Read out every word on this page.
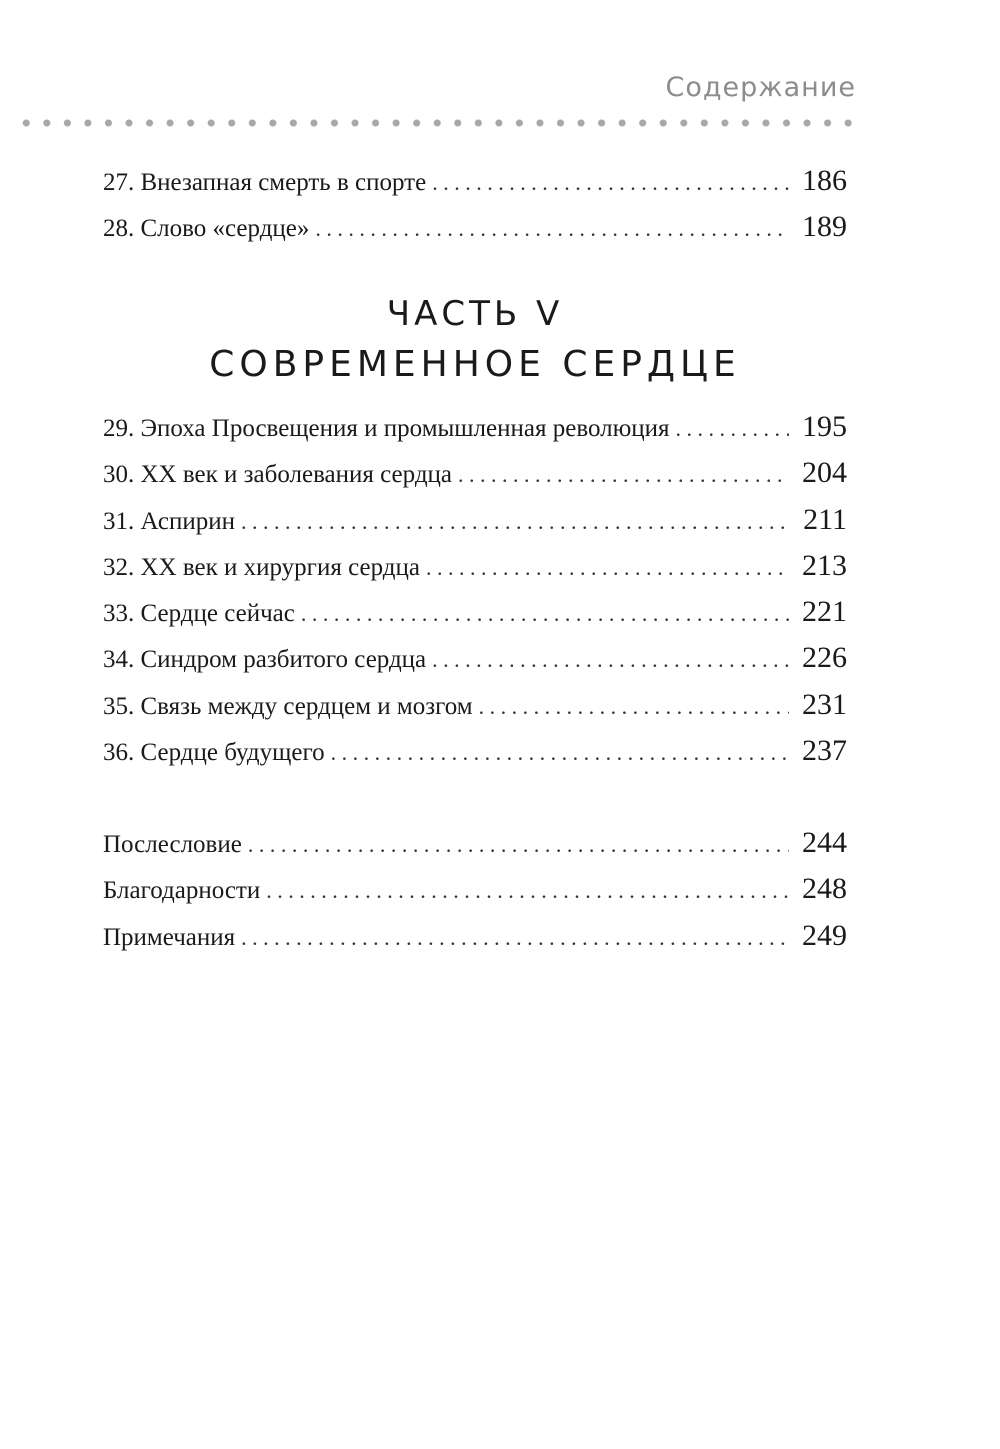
Содержание
27. Внезапная смерть в спорте . . .	186
28. Слово «сердце» . . .	189
ЧАСТЬ V
СОВРЕМЕННОЕ СЕРДЦЕ
29. Эпоха Просвещения и промышленная революция . . .	195
30. XX век и заболевания сердца . . .	204
31. Аспирин . . .	211
32. XX век и хирургия сердца . . .	213
33. Сердце сейчас . . .	221
34. Синдром разбитого сердца . . .	226
35. Связь между сердцем и мозгом . . .	231
36. Сердце будущего . . .	237
Послесловие . . .	244
Благодарности . . .	248
Примечания . . .	249
